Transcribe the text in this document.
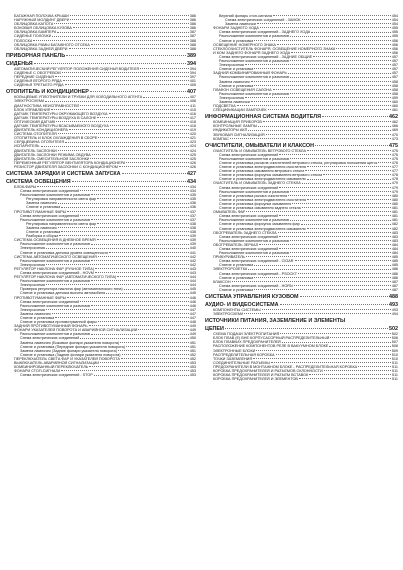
БАГАЖНАЯ ПОЛОЧКА КРЫШИ	386
НАРУЖНЫЙ МОЛДИНГ ДВЕРИ	386
ОБЛИЦОВКА КАПОТА	386
БОКОВАЯ ОБЛИЦОВКА КУЗОВА	386
ОБЛИЦОВКА БАМПЕРА	387
СИДЕНЬЕ ПОЛОЧКИ	387
ПОЛОСКА	388
ОБЛИЦОВКА РАМЫ БАГАЖНОГО ОТСЕКА	388
ОБЛИЦОВКА ЗАДНЕЙ ДВЕРИ	388
ПРИБОРНАЯ ПАНЕЛЬ	389
СИДЕНЬЯ	394
АВТОМАТИЧЕСКИЙ РЕГУЛЯТОР ПОЛОЖЕНИЯ СИДЕНЬЯ ВОДИТЕЛЯ	394
СИДЕНЬЕ С ОБОГРЕВОМ	394
ПЕРЕДНИЕ СИДЕНЬЯ	397
СИДЕНЬЯ ВТОРОГО РЯДА	401
СИДЕНЬЯ ТРЕТЬЕГО РЯДА	405
ОТОПИТЕЛЬ И КОНДИЦИОНЕР	407
КОЛЬЦЕВЫЕ УПЛОТНИТЕЛИ И ТРУБКИ ДЛЯ ХОЛОДИЛЬНОГО АГЕНТА	407
ЭЛЕКТРОСХЕМА	408
ДИАГНОСТИКА НЕИСПРАВНОСТЕЙ	411
БЛОК УПРАВЛЕНИЯ	415
ДАТЧИК ТЕМПЕРАТУРЫ ОКРУЖАЮЩЕГО ВОЗДУХА	416
ДАТЧИК ТЕМПЕРАТУРЫ ВОЗДУХА В САЛОНЕ	417
ОПТИЧЕСКИЙ ДАТЧИК	418
ДАТЧИК ТЕМПЕРАТУРЫ ВСАСЫВАЕМОГО ВОЗДУХА	418
ДВИГАТЕЛЬ КОНДИЦИОНЕРА	419
СИСТЕМА ОТОПИТЕЛЯ	420
ОТОПИТЕЛЬ И БЛОК ОХЛАЖДЕНИЯ В СБОРЕ	421
СЕРДЦЕВИНА ОТОПИТЕЛЯ	423
ИСПАРИТЕЛЬ	424
ДВИГАТЕЛЬ ЗАСЛОНКИ	424
ДВИГАТЕЛЬ ЗАСЛОНКИ РЕЖИМА ОБДУВА	425
ДВИГАТЕЛЬ СМЕСИТЕЛЬНОЙ ЗАСЛОНКИ	425
ПЕРЕМЕННЫЙ РЕГУЛЯТОР ВЕНТИЛЯТОРА КОНДИЦИОНЕРА	426
РЕЗИСТОР ДВИГАТЕЛЯ ЗАСЛОНКИ С КОНДИЦИОНЕРОМ	426
СИСТЕМА ЗАРЯДКИ И СИСТЕМА ЗАПУСКА	427
СИСТЕМА ОСВЕЩЕНИЯ	434
БЛОК-ФАРЫ	434
Схема электрических соединений	434
Расположение компонентов и разъемов	435
Регулировка направленности света фар	435
Замена лампочек	436
Снятие и установка	436
ПРОТИВОТУМАННЫЕ ФАРЫ	437
Схема электрических соединений	437
Расположение компонентов и разъемов	437
Регулировка направленности света фар	438
Замена лампочек	438
Снятие и установка	438
Разборка и сборка	439
СИСТЕМА ОСВЕЩЕНИЯ В ДНЕВНОЕ ВРЕМЯ	439
Расположение компонентов и разъемов	439
Электросхема	440
Снятие и установка датчика уровня освещенности	441
СИСТЕМА АВТОМАТИЧЕСКОГО ОСВЕЩЕНИЯ	442
Расположение компонентов и разъемов	442
Электросхема	442
РЕГУЛЯТОР НАКЛОНА ФАР (РУЧНОЕ ТИПА)	443
Схема электрических соединений - HOVM	443
РЕГУЛЯТОР НАКЛОНА ФАР (АВТОМАТИЧЕСКОГО ТИПА)	444
Расположение компонентов и разъемов	444
Электросхема	444
Проверка регулятора наклона фар (автоматического типа)	445
Снятие и установка датчика высоты автомобиля	445
ПРОТИВОТУМАННЫЕ ФАРЫ	446
Схема электрических соединений	446
Расположение компонентов и разъемов	446
Электросхема	447
Замена лампочек	447
Снятие и установка	447
Снятие и установка противотуманной фары	448
ЗАДНИЙ ПРОТИВОТУМАННЫЙ ФОНАРЬ	449
ФОНАРИ УКАЗАТЕЛЕЙ ПОВОРОТА И АВАРИЙНОЙ СИГНАЛИЗАЦИИ	449
Расположение компонентов и разъемов	449
Схема электрических соединений	450
Замена лампочек (Боковые фонари указателя поворота)	451
Снятие и установка (Передние фонари указателя поворота)	451
Замена лампочек (Задние фонари указателя поворота)	451
Снятие и установка (Задние фонари указателя поворота)	452
ПЕРЕКЛЮЧАТЕЛЬ СВЕТА ФАР И УКАЗАТЕЛЕЙ ПОВОРОТА	452
ВЫКЛЮЧАТЕЛЬ АВАРИЙНОЙ СИГНАЛИЗАЦИИ	453
КОМБИНИРОВАННЫЙ ПЕРЕКЛЮЧАТЕЛЬ	453
ФОНАРИ СТОП-СИГНАЛА	453
Схема электрических соединений - STOP	453
Верхний фонарь стоп-сигнала	454
Схема электрических соединений - ЗАМОК	454
Замена лампочки	454
ФОНАРИ ЗАДНЕГО ХОДА	455
Схема электрических соединений - ЗАДНЕГО ХОДА	455
Расположение компонентов и разъемов	455
Снятие и установка	456
ОСВЕЩЕНИЕ НОМЕРНОГО ЗНАКА	456
СТЕКЛООЧИСТИТЕЛЬ ФОНАРЯ, ОСВЕЩЕНИЕ НОМЕРНОГО ЗНАКА	456
И КОМ ЗАДНЕГО ФОНАРЯ ЗАДНЕГО ХОДА	456
Схема электрических соединений - ЗАДНИЕ ОБЩИЕ	457
Расположение компонентов и разъемов	457
Электросхема	457
Снятие и установка	457
ЗАДНИЙ КОМБИНИРОВАННЫЙ ФОНАРЬ	457
Расположение компонентов и разъемов	457
Замена лампочек	458
Снятие и установка	458
ПЛАФОН ОСВЕЩЕНИЯ САЛОНА	458
Расположение компонентов и разъемов	458
Электросхема	459
Замена лампочки	460
ПОДСВЕТКА	460
СПЕЦИФИКАЦИИ ЛАМПОЧЕК	461
ИНФОРМАЦИОННАЯ СИСТЕМА ВОДИТЕЛЯ	462
КОМБИНАЦИЯ ПРИБОРОВ	462
КОНТРОЛЬНЫЕ ЛАМПЫ	466
ИНДИКАТОРЫ АКП	469
ЗВУКОВАЯ СИГНАЛИЗАЦИЯ	470
КОМПАС	473
ОЧИСТИТЕЛИ, ОМЫВАТЕЛИ И КЛАКСОН	475
ОЧИСТИТЕЛЬ И ОМЫВАТЕЛЬ ВЕТРОВОГО СТЕКЛА	475
Схема электрических соединений	475
Расположение компонентов и разъемов	475
Снятие и установка рычагов очистителей ветрового стекла, регулировка положения щеток	476
Снятие и установка электродвигателя очистителя	477
Снятие и установка омывателя ветрового стекла	477
Снятие и установка форсунок омывателя ветрового стекла	478
Снятие и установка электродвигателя омывателя	478
ОЧИСТИТЕЛЬ И ОМЫВАТЕЛЬ ЗАДНЕГО СТЕКЛА	479
Схема электрических соединений	479
Расположение компонентов и разъемов	479
Снятие и установка рычага очистителя	480
Снятие и установка электродвигателя очистителя	480
Снятие и установка форсунки омывателя	480
Снятие и установка омывателя заднего стекла	481
ОМЫВАТЕЛЬ ФАР	481
Схема электрических соединений	481
Расположение компонентов и разъемов	481
Снятие и установка форсунок омывателя фар	482
Снятие и установка электродвигателя омывателя	482
ОБОГРЕВАТЕЛЬ ЗАДНЕГО СТЕКЛА	483
Схема электрических соединений	483
Расположение компонентов и разъемов	483
ОБОГРЕВАТЕЛЬ ЗЕРКАЛ	484
Схема электрических соединений	484
Расположение компонентов и разъемов	484
ПРИКУРИВАТЕЛЬ	485
Схема электрических соединений - CIGAR	485
Снятие и установка	485
ЭЛЕКТРОРОЗЕТКА	486
Схема электрических соединений - PSOCKT	486
Снятие и установка	486
КЛАКСОН	487
Схема электрических соединений - HORN	487
Снятие и установка	487
СИСТЕМА УПРАВЛЕНИЯ КУЗОВОМ	488
АУДИО- И ВИДЕОСИСТЕМА	493
КОМПОНЕНТЫ СИСТЕМЫ	493
ЭЛЕКТРОСХЕМА	494
ИСТОЧНИКИ ПИТАНИЯ, ЗАЗЕМЛЕНИЕ И ЭЛЕМЕНТЫ
ЦЕПЕЙ	502
СХЕМА ПОДАЧИ ЭЛЕКТРОПИТАНИЯ	502
БЛОК ПЛАВ (Е) ВНЕ КОРПУСАСОРНЫЙ РАСПРЕДЕЛИТЕЛЬНЫЙ	506
БЛОК ПЛАВКИХ ПРЕДОХРАНИТЕЛЕЙ	507
РАСПОЛОЖЕНИЕ КОМПОНЕНТОВ РЕЛЕ В ВАКУУМНОМ БЛОКЕ	508
ЭЛЕКТРОННЫЕ БЛОКИ	509
РАСПРЕДЕЛИТЕЛЬНАЯ КОРОБКА	510
ТОЧКИ ЗАЗЕМЛЕНИЯ	510
СОЕДИНИТЕЛЬНЫЕ РАЗЪЕМЫ	511
ПРЕДОХРАНИТЕЛИ В МОНТАЖНОМ БЛОКЕ - РАСПРЕДЕЛИТЕЛЬНАЯ КОРОБКА	511
КОРОБКА ПРЕДОХРАНИТЕЛЕЙ И РАЗЪЕМОВ СКЛОННОСТИ	511
КОРОБКА ПРЕДОХРАНИТЕЛЕЙ И РАЗЪЕМ ВСТАВОК	511
КОРОБКА ПРЕДОХРАНИТЕЛЕЙ И ЭЛЕМЕНТОВ	511
